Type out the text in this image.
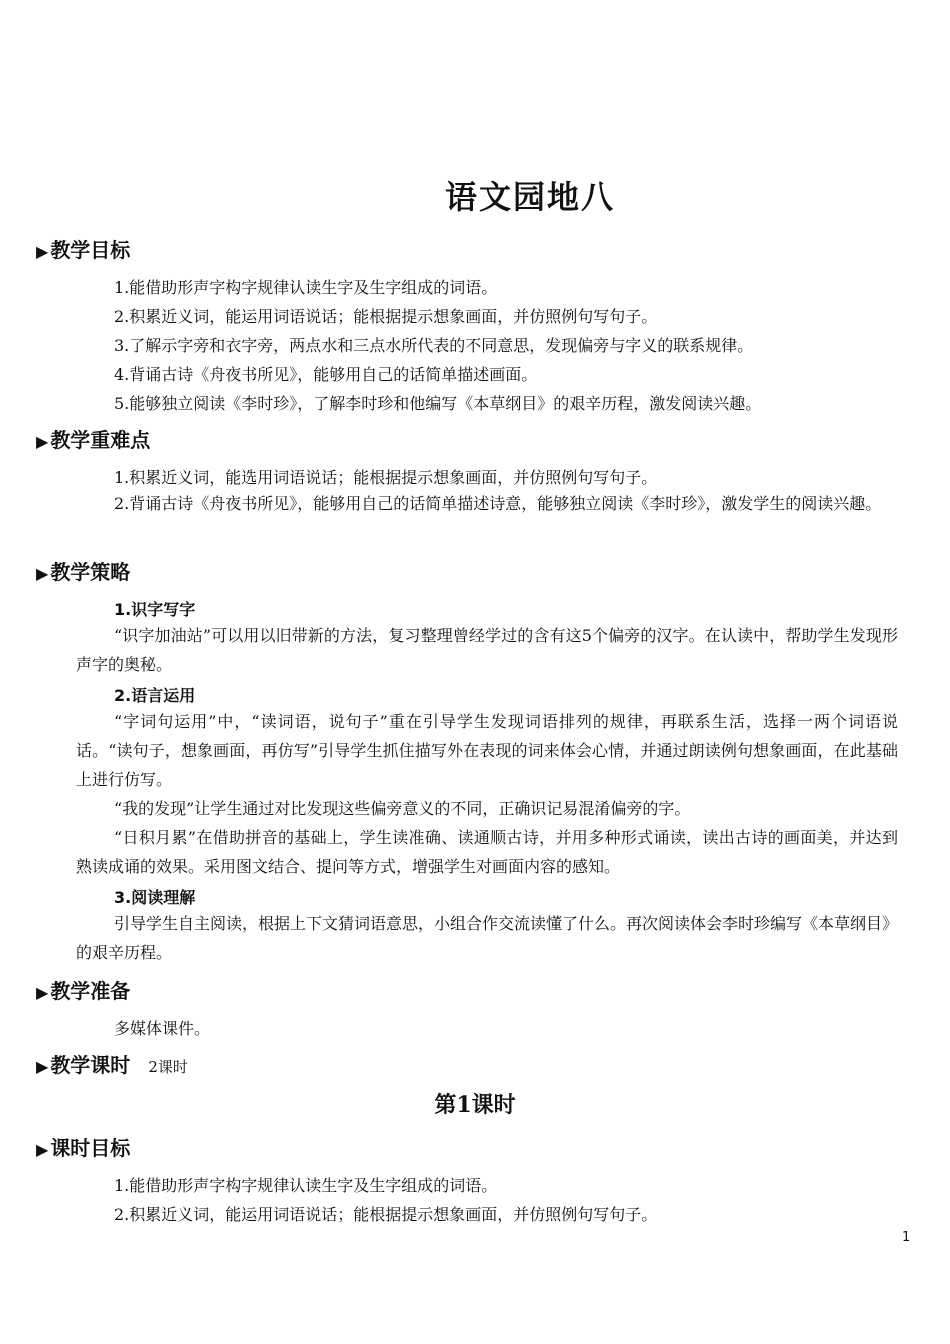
语文园地八
▶ 教学目标
1.能借助形声字构字规律认读生字及生字组成的词语。
2.积累近义词，能运用词语说话；能根据提示想象画面，并仿照例句写句子。
3.了解示字旁和衣字旁，两点水和三点水所代表的不同意思，发现偏旁与字义的联系规律。
4.背诵古诗《舟夜书所见》，能够用自己的话简单描述画面。
5.能够独立阅读《李时珍》，了解李时珍和他编写《本草纲目》的艰辛历程，激发阅读兴趣。
▶ 教学重难点
1.积累近义词，能选用词语说话；能根据提示想象画面，并仿照例句写句子。
2.背诵古诗《舟夜书所见》，能够用自己的话简单描述诗意，能够独立阅读《李时珍》，激发学生的阅读兴趣。
▶ 教学策略
1.识字写字
“识字加油站”可以用以旧带新的方法，复习整理曾经学过的含有这5个偏旁的汉字。在认读中，帮助学生发现形声字的奥秘。
2.语言运用
“字词句运用”中，“读词语，说句子”重在引导学生发现词语排列的规律，再联系生活，选择一两个词语说话。“读句子，想象画面，再仿写”引导学生抓住描写外在表现的词来体会心情，并通过朗读例句想象画面，在此基础上进行仿写。
“我的发现”让学生通过对比发现这些偏旁意义的不同，正确识记易混淆偏旁的字。
“日积月累”在借助拼音的基础上，学生读准确、读通顺古诗，并用多种形式诵读，读出古诗的画面美，并达到熟读成诵的效果。采用图文结合、提问等方式，增强学生对画面内容的感知。
3.阅读理解
引导学生自主阅读，根据上下文猜词语意思，小组合作交流读懂了什么。再次阅读体会李时珍编写《本草纲目》的艰辛历程。
▶ 教学准备
多媒体课件。
▶ 教学课时 2课时
第1课时
▶ 课时目标
1.能借助形声字构字规律认读生字及生字组成的词语。
2.积累近义词，能运用词语说话；能根据提示想象画面，并仿照例句写句子。
1
